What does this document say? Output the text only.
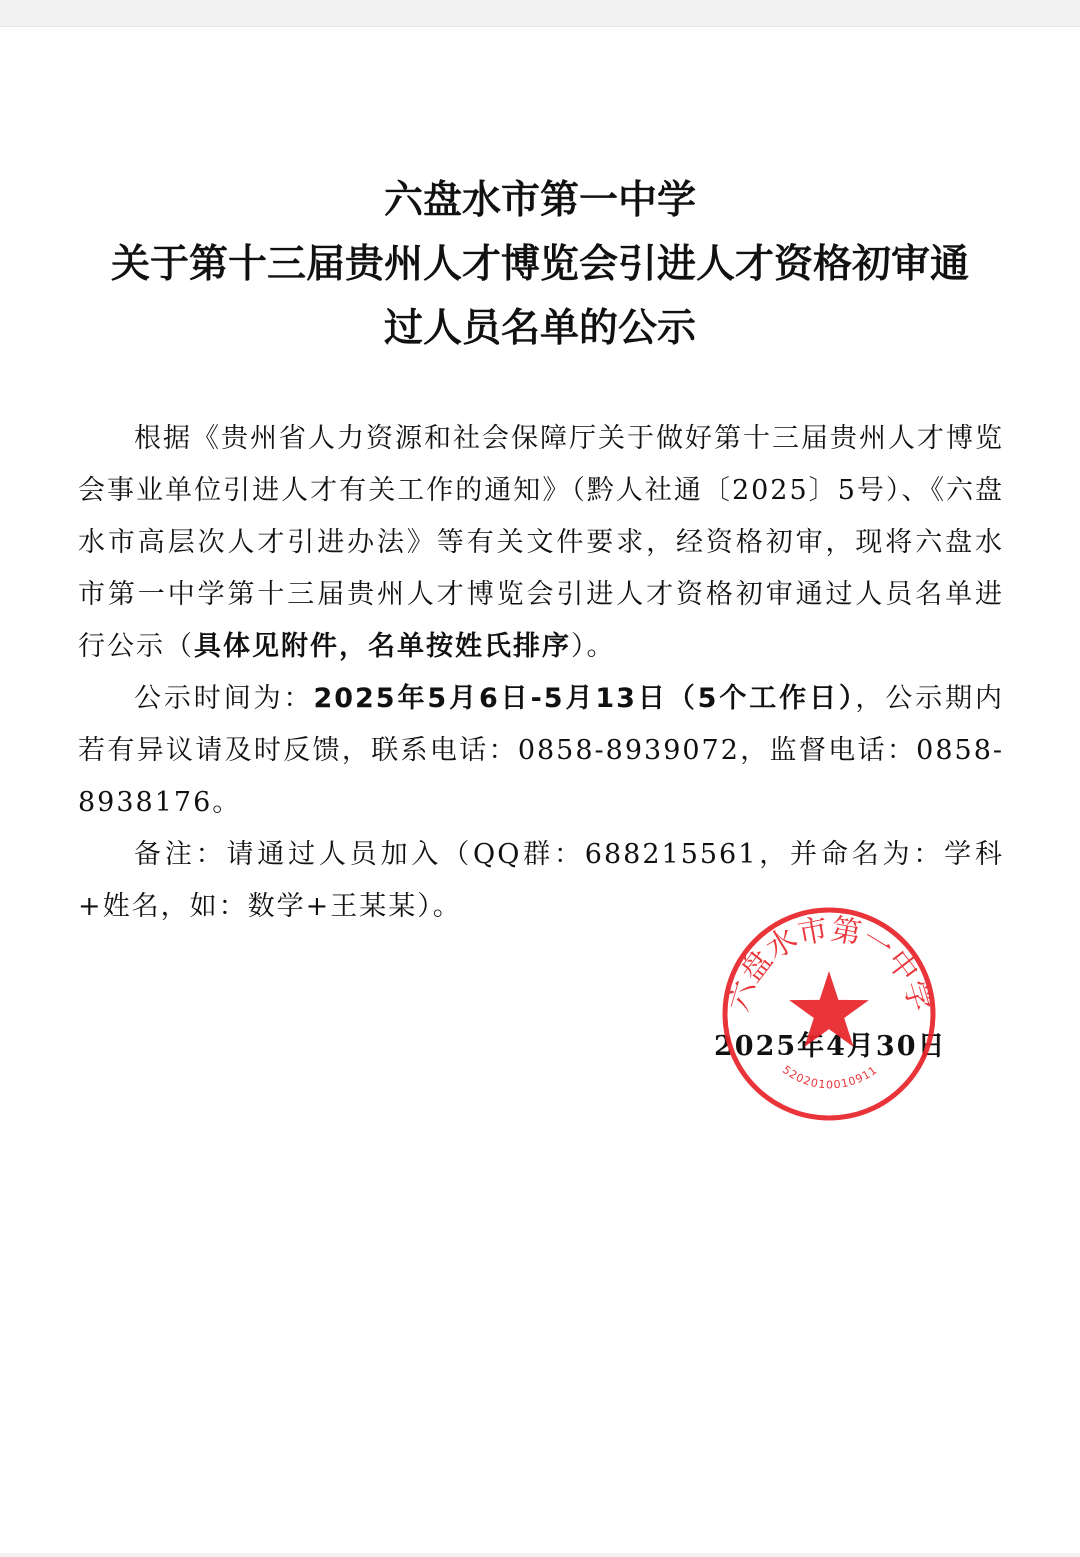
六盘水市第一中学
关于第十三届贵州人才博览会引进人才资格初审通
过人员名单的公示

根据《贵州省人力资源和社会保障厅关于做好第十三届贵州人才博览会事业单位引进人才有关工作的通知》（黔人社通〔2025〕5号）、《六盘水市高层次人才引进办法》等有关文件要求，经资格初审，现将六盘水市第一中学第十三届贵州人才博览会引进人才资格初审通过人员名单进行公示（具体见附件，名单按姓氏排序）。

公示时间为：2025年5月6日-5月13日（5个工作日），公示期内若有异议请及时反馈，联系电话：0858-8939072，监督电话：0858-8938176。

备注：请通过人员加入（QQ群：688215561，并命名为：学科+姓名，如：数学+王某某）。

2025年4月30日
六盘水市第一中学
5202010010911
